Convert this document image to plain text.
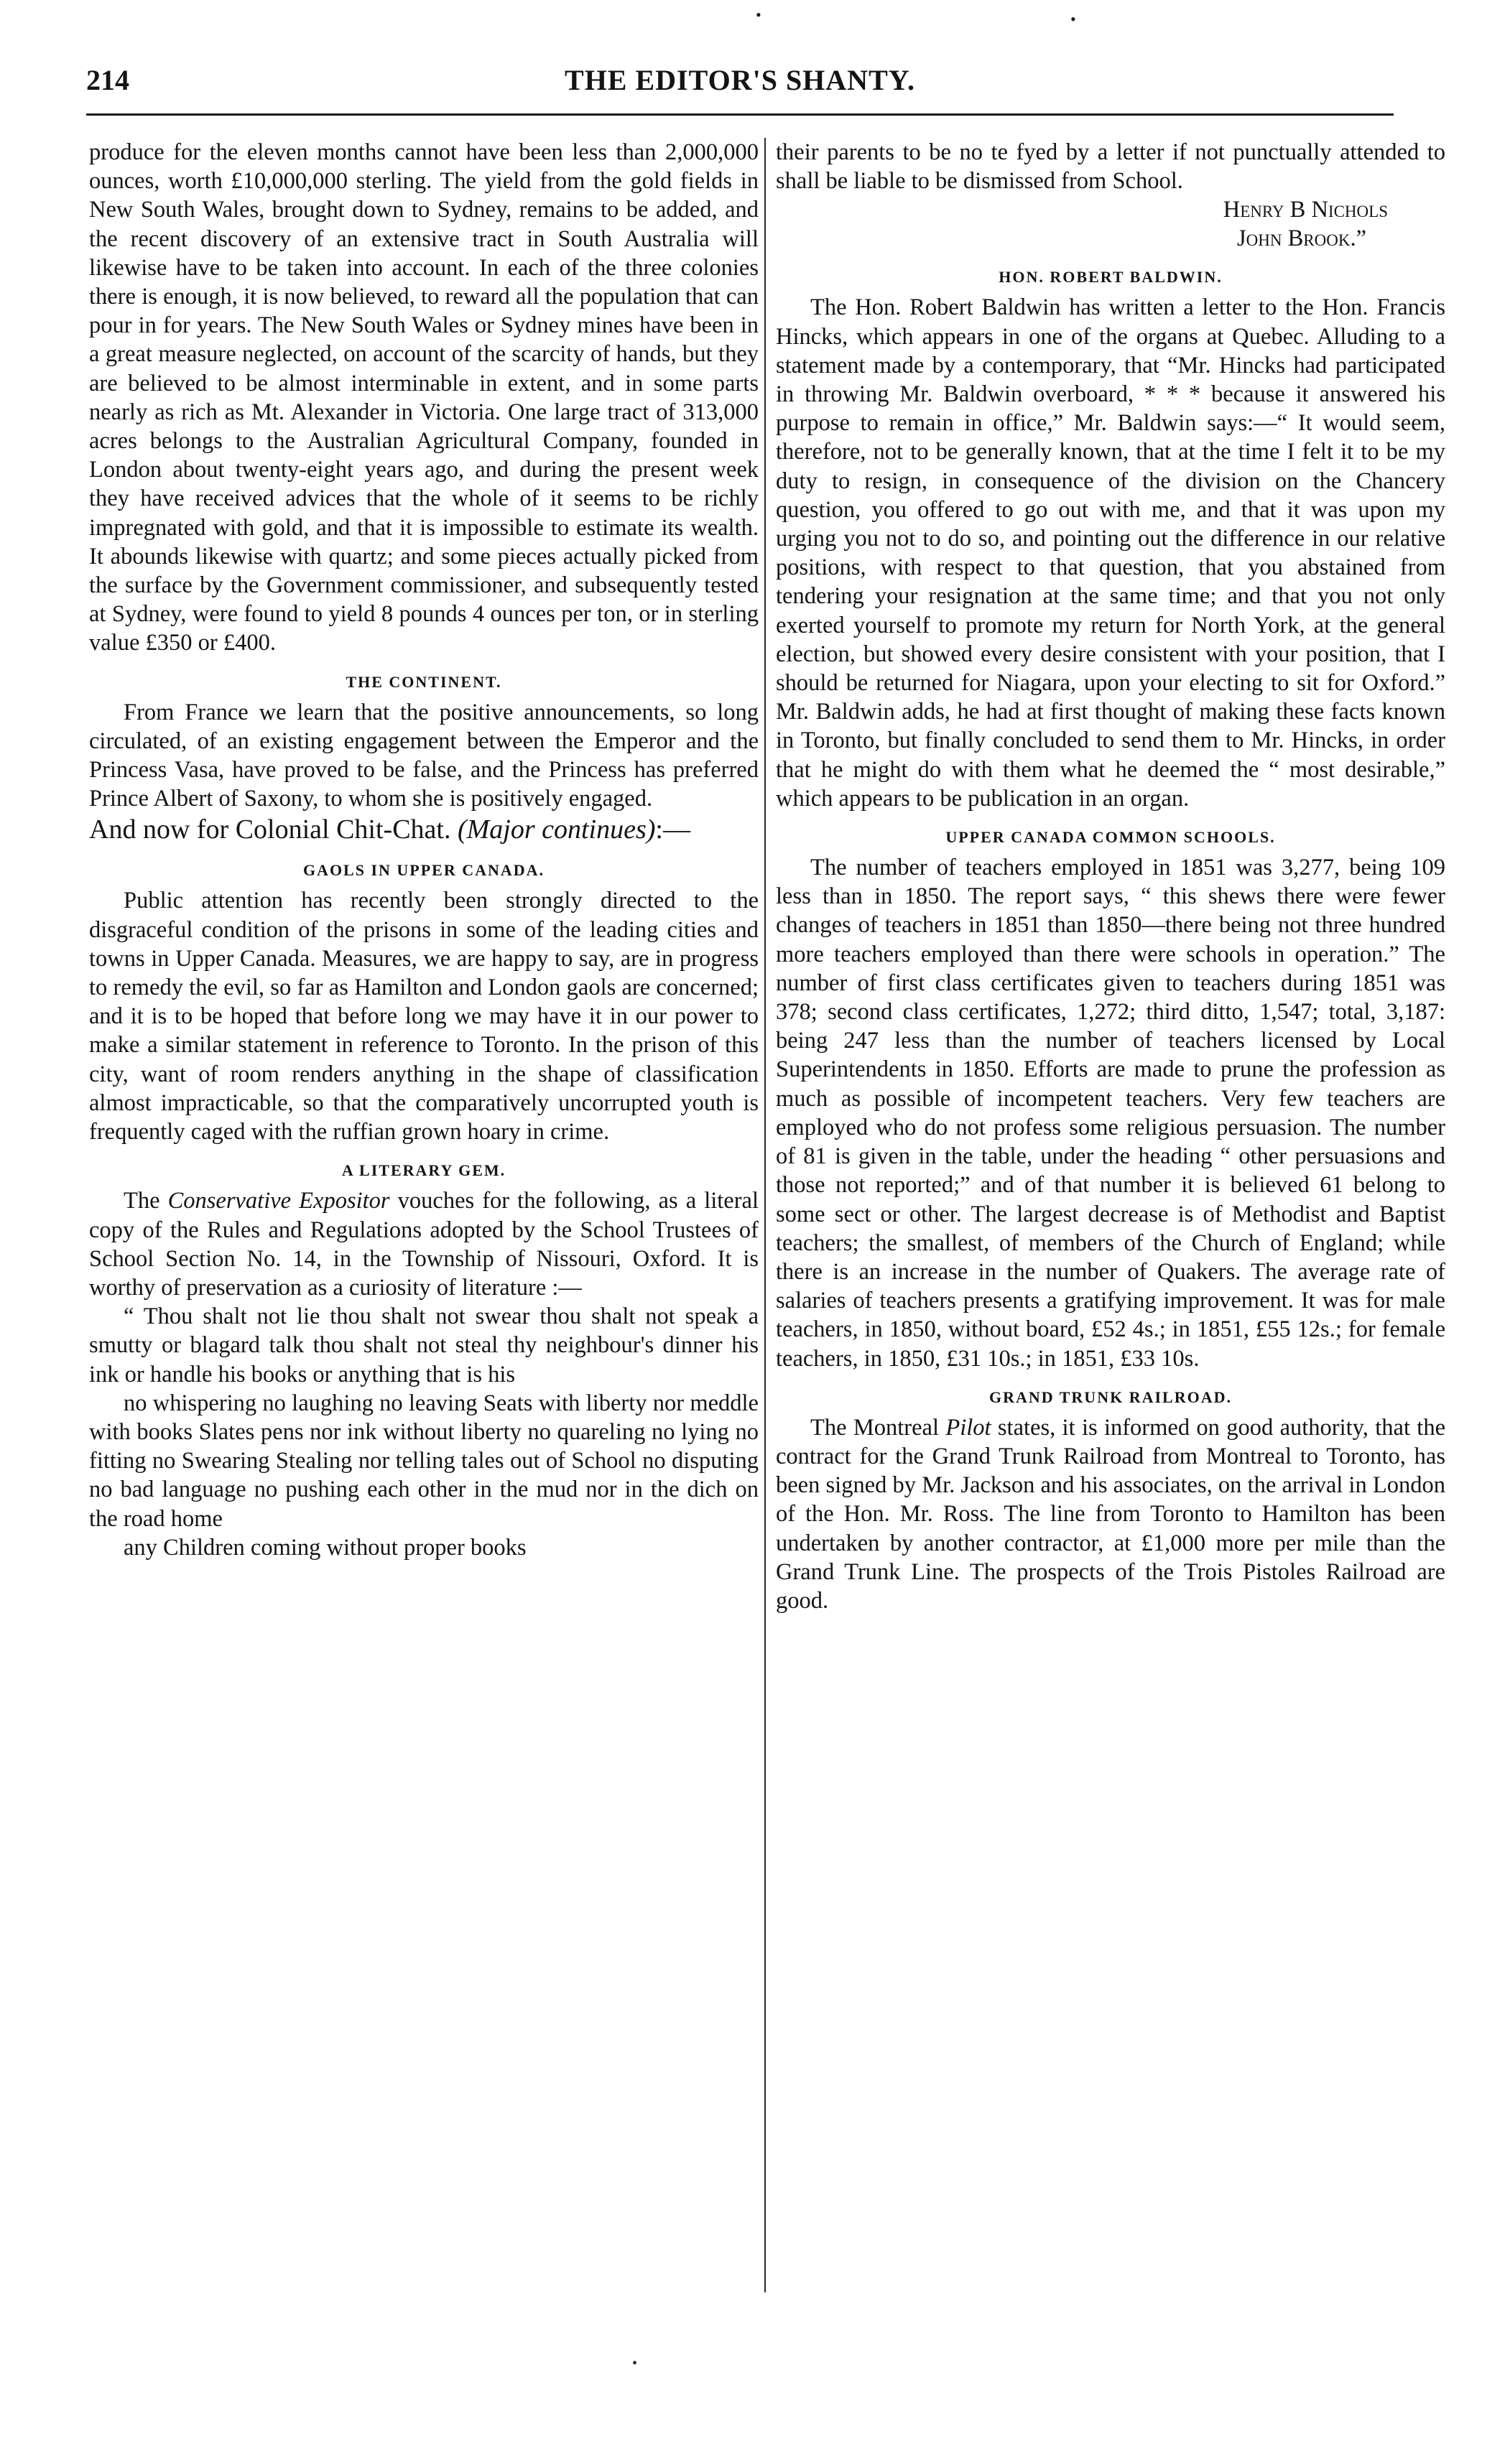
•	•
214	THE EDITOR'S SHANTY.

produce for the eleven months cannot have been less than 2,000,000 ounces, worth £10,000,000 sterling. The yield from the gold fields in New South Wales, brought down to Sydney, remains to be added, and the recent discovery of an extensive tract in South Australia will likewise have to be taken into account. In each of the three colonies there is enough, it is now believed, to reward all the population that can pour in for years. The New South Wales or Sydney mines have been in a great measure neglected, on account of the scarcity of hands, but they are believed to be almost interminable in extent, and in some parts nearly as rich as Mt. Alexander in Victoria. One large tract of 313,000 acres belongs to the Australian Agricultural Company, founded in London about twenty-eight years ago, and during the present week they have received advices that the whole of it seems to be richly impregnated with gold, and that it is impossible to estimate its wealth. It abounds likewise with quartz; and some pieces actually picked from the surface by the Government commissioner, and subsequently tested at Sydney, were found to yield 8 pounds 4 ounces per ton, or in sterling value £350 or £400.

THE CONTINENT.

From France we learn that the positive announcements, so long circulated, of an existing engagement between the Emperor and the Princess Vasa, have proved to be false, and the Princess has preferred Prince Albert of Saxony, to whom she is positively engaged.

And now for Colonial Chit-Chat. (Major continues):—

GAOLS IN UPPER CANADA.

Public attention has recently been strongly directed to the disgraceful condition of the prisons in some of the leading cities and towns in Upper Canada. Measures, we are happy to say, are in progress to remedy the evil, so far as Hamilton and London gaols are concerned; and it is to be hoped that before long we may have it in our power to make a similar statement in reference to Toronto. In the prison of this city, want of room renders anything in the shape of classification almost impracticable, so that the comparatively uncorrupted youth is frequently caged with the ruffian grown hoary in crime.

A LITERARY GEM.

The Conservative Expositor vouches for the following, as a literal copy of the Rules and Regulations adopted by the School Trustees of School Section No. 14, in the Township of Nissouri, Oxford. It is worthy of preservation as a curiosity of literature :—

“ Thou shalt not lie thou shalt not swear thou shalt not speak a smutty or blagard talk thou shalt not steal thy neighbour's dinner his ink or handle his books or anything that is his

no whispering no laughing no leaving Seats with liberty nor meddle with books Slates pens nor ink without liberty no quareling no lying no fitting no Swearing Stealing nor telling tales out of School no disputing no bad language no pushing each other in the mud nor in the dich on the road home

any Children coming without proper books

their parents to be no te fyed by a letter if not punctually attended to shall be liable to be dismissed from School.

Henry B Nichols
John Brook.”
HON. ROBERT BALDWIN.

The Hon. Robert Baldwin has written a letter to the Hon. Francis Hincks, which appears in one of the organs at Quebec. Alluding to a statement made by a contemporary, that “Mr. Hincks had participated in throwing Mr. Baldwin overboard, * * * because it answered his purpose to remain in office,” Mr. Baldwin says:—“ It would seem, therefore, not to be generally known, that at the time I felt it to be my duty to resign, in consequence of the division on the Chancery question, you offered to go out with me, and that it was upon my urging you not to do so, and pointing out the difference in our relative positions, with respect to that question, that you abstained from tendering your resignation at the same time; and that you not only exerted yourself to promote my return for North York, at the general election, but showed every desire consistent with your position, that I should be returned for Niagara, upon your electing to sit for Oxford.” Mr. Baldwin adds, he had at first thought of making these facts known in Toronto, but finally concluded to send them to Mr. Hincks, in order that he might do with them what he deemed the “ most desirable,” which appears to be publication in an organ.

UPPER CANADA COMMON SCHOOLS.

The number of teachers employed in 1851 was 3,277, being 109 less than in 1850. The report says, “ this shews there were fewer changes of teachers in 1851 than 1850—there being not three hundred more teachers employed than there were schools in operation.” The number of first class certificates given to teachers during 1851 was 378; second class certificates, 1,272; third ditto, 1,547; total, 3,187: being 247 less than the number of teachers licensed by Local Superintendents in 1850. Efforts are made to prune the profession as much as possible of incompetent teachers. Very few teachers are employed who do not profess some religious persuasion. The number of 81 is given in the table, under the heading “ other persuasions and those not reported;” and of that number it is believed 61 belong to some sect or other. The largest decrease is of Methodist and Baptist teachers; the smallest, of members of the Church of England; while there is an increase in the number of Quakers. The average rate of salaries of teachers presents a gratifying improvement. It was for male teachers, in 1850, without board, £52 4s.; in 1851, £55 12s.; for female teachers, in 1850, £31 10s.; in 1851, £33 10s.

GRAND TRUNK RAILROAD.

The Montreal Pilot states, it is informed on good authority, that the contract for the Grand Trunk Railroad from Montreal to Toronto, has been signed by Mr. Jackson and his associates, on the arrival in London of the Hon. Mr. Ross. The line from Toronto to Hamilton has been undertaken by another contractor, at £1,000 more per mile than the Grand Trunk Line. The prospects of the Trois Pistoles Railroad are good.

•
